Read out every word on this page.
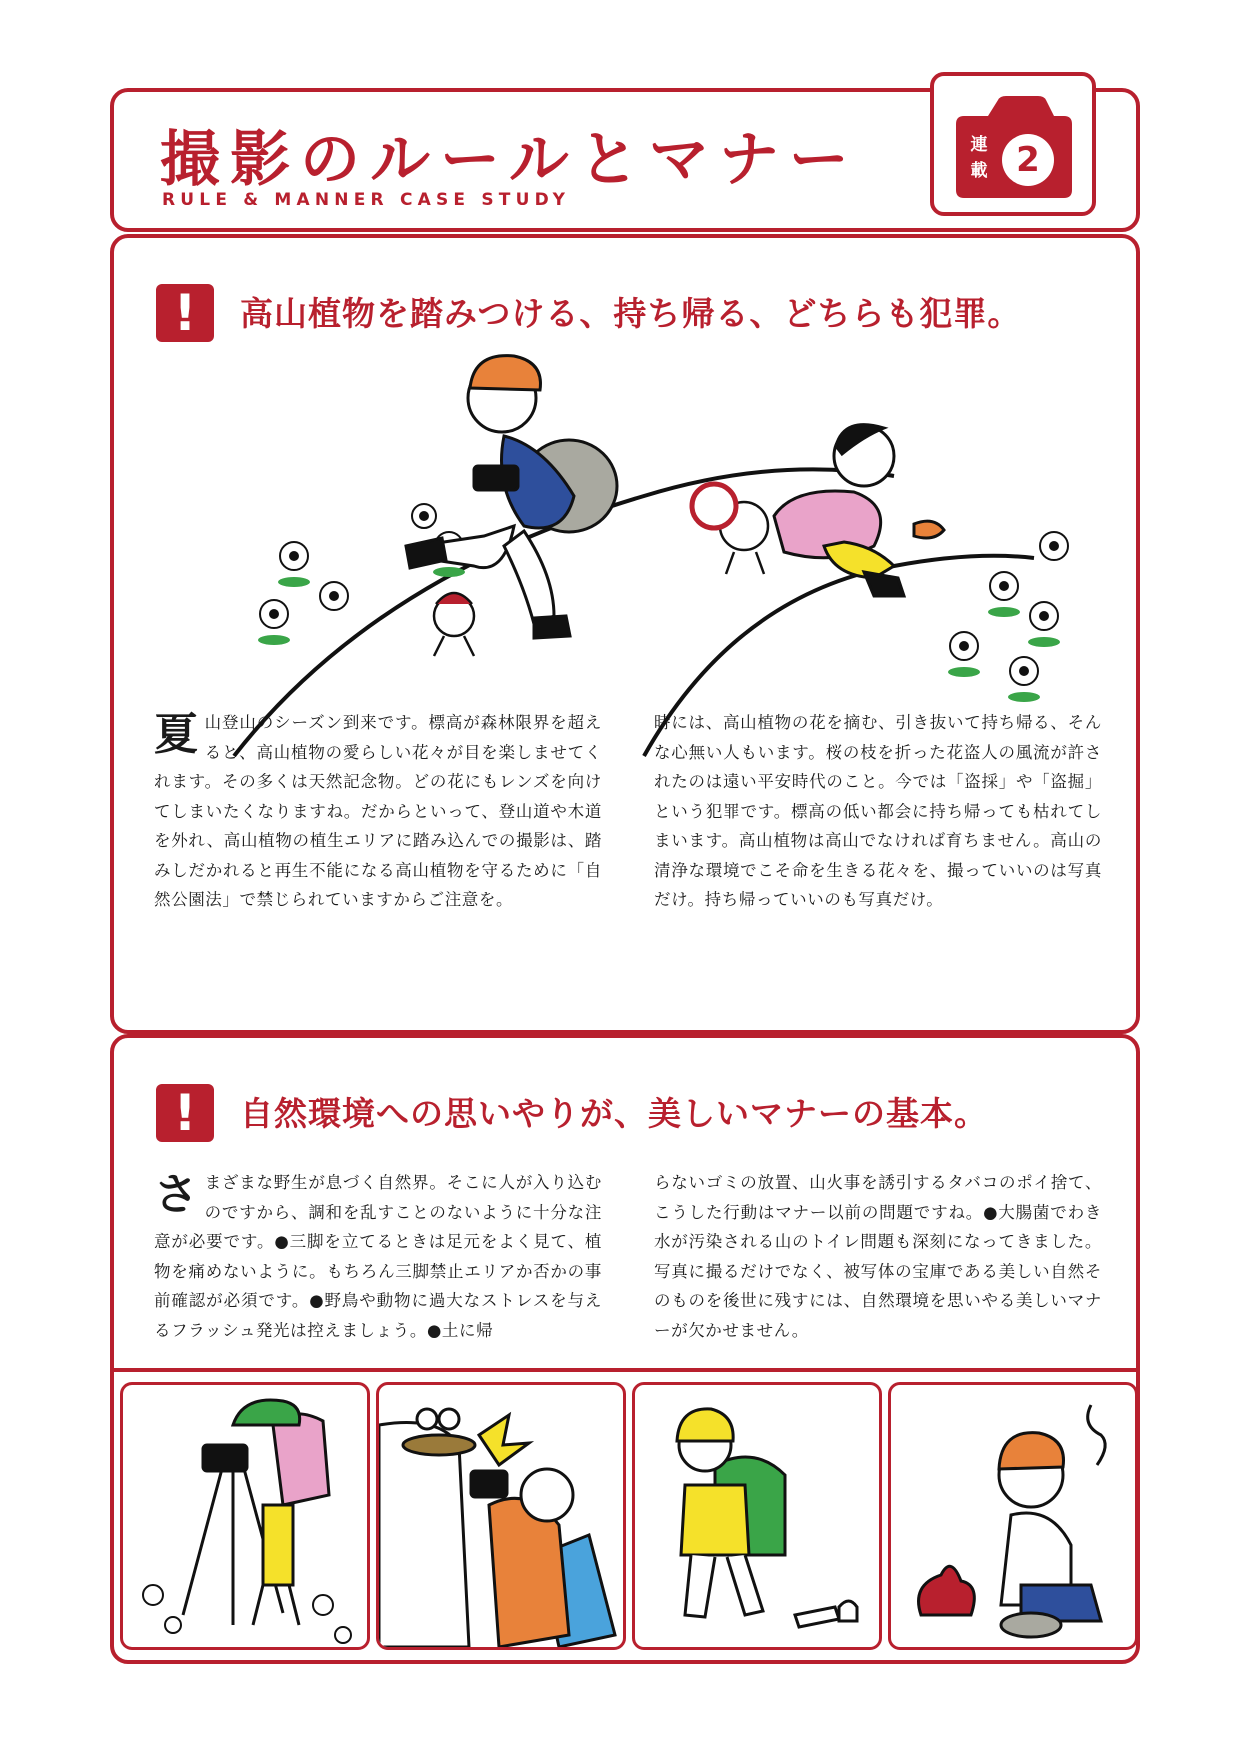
撮影のルールとマナー
RULE & MANNER CASE STUDY
連載 2
!	高山植物を踏みつける、持ち帰る、どちらも犯罪。
夏山登山のシーズン到来です。標高が森林限界を超えると、高山植物の愛らしい花々が目を楽しませてくれます。その多くは天然記念物。どの花にもレンズを向けてしまいたくなりますね。だからといって、登山道や木道を外れ、高山植物の植生エリアに踏み込んでの撮影は、踏みしだかれると再生不能になる高山植物を守るために「自然公園法」で禁じられていますからご注意を。
時には、高山植物の花を摘む、引き抜いて持ち帰る、そんな心無い人もいます。桜の枝を折った花盗人の風流が許されたのは遠い平安時代のこと。今では「盗採」や「盗掘」という犯罪です。標高の低い都会に持ち帰っても枯れてしまいます。高山植物は高山でなければ育ちません。高山の清浄な環境でこそ命を生きる花々を、撮っていいのは写真だけ。持ち帰っていいのも写真だけ。
!	自然環境への思いやりが、美しいマナーの基本。
さまざまな野生が息づく自然界。そこに人が入り込むのですから、調和を乱すことのないように十分な注意が必要です。●三脚を立てるときは足元をよく見て、植物を痛めないように。もちろん三脚禁止エリアか否かの事前確認が必須です。●野鳥や動物に過大なストレスを与えるフラッシュ発光は控えましょう。●土に帰
らないゴミの放置、山火事を誘引するタバコのポイ捨て、こうした行動はマナー以前の問題ですね。●大腸菌でわき水が汚染される山のトイレ問題も深刻になってきました。写真に撮るだけでなく、被写体の宝庫である美しい自然そのものを後世に残すには、自然環境を思いやる美しいマナーが欠かせません。
